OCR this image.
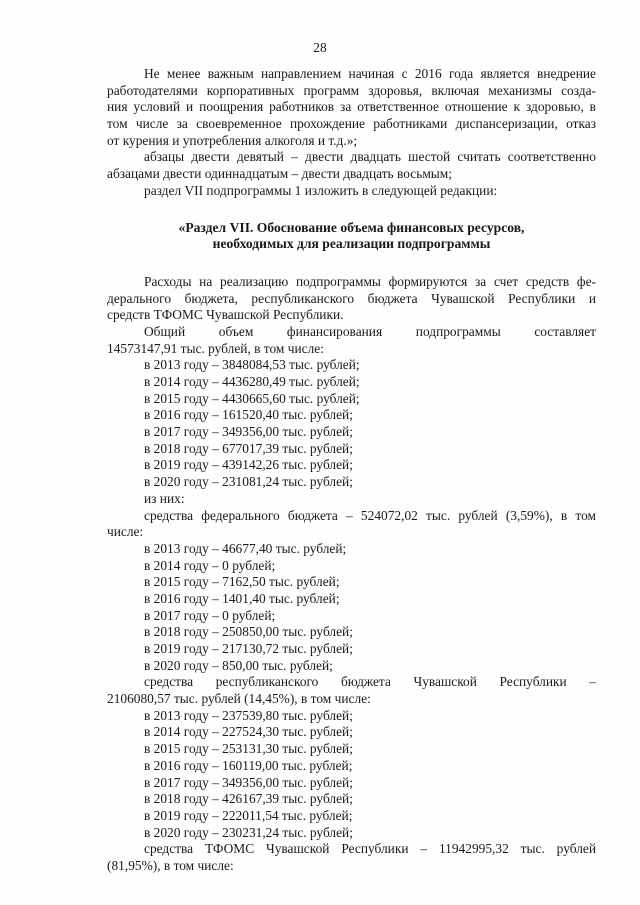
28
Не менее важным направлением начиная с 2016 года является внедрение
работодателями корпоративных программ здоровья, включая механизмы созда-
ния условий и поощрения работников за ответственное отношение к здоровью, в
том числе за своевременное прохождение работниками диспансеризации, отказ
от курения и употребления алкоголя и т.д.»;
абзацы двести девятый – двести двадцать шестой считать соответственно
абзацами двести одиннадцатым – двести двадцать восьмым;
раздел VII подпрограммы 1 изложить в следующей редакции:
«Раздел VII. Обоснование объема финансовых ресурсов,
необходимых для реализации подпрограммы
Расходы на реализацию подпрограммы формируются за счет средств фе-
дерального бюджета, республиканского бюджета Чувашской Республики и
средств ТФОМС Чувашской Республики.
Общий объем финансирования подпрограммы составляет
14573147,91 тыс. рублей, в том числе:
в 2013 году – 3848084,53 тыс. рублей;
в 2014 году – 4436280,49 тыс. рублей;
в 2015 году – 4430665,60 тыс. рублей;
в 2016 году – 161520,40 тыс. рублей;
в 2017 году – 349356,00 тыс. рублей;
в 2018 году – 677017,39 тыс. рублей;
в 2019 году – 439142,26 тыс. рублей;
в 2020 году – 231081,24 тыс. рублей;
из них:
средства федерального бюджета – 524072,02 тыс. рублей (3,59%), в том
числе:
в 2013 году – 46677,40 тыс. рублей;
в 2014 году – 0 рублей;
в 2015 году – 7162,50 тыс. рублей;
в 2016 году – 1401,40 тыс. рублей;
в 2017 году – 0 рублей;
в 2018 году – 250850,00 тыс. рублей;
в 2019 году – 217130,72 тыс. рублей;
в 2020 году – 850,00 тыс. рублей;
средства республиканского бюджета Чувашской Республики –
2106080,57 тыс. рублей (14,45%), в том числе:
в 2013 году – 237539,80 тыс. рублей;
в 2014 году – 227524,30 тыс. рублей;
в 2015 году – 253131,30 тыс. рублей;
в 2016 году – 160119,00 тыс. рублей;
в 2017 году – 349356,00 тыс. рублей;
в 2018 году – 426167,39 тыс. рублей;
в 2019 году – 222011,54 тыс. рублей;
в 2020 году – 230231,24 тыс. рублей;
средства ТФОМС Чувашской Республики – 11942995,32 тыс. рублей
(81,95%), в том числе:
